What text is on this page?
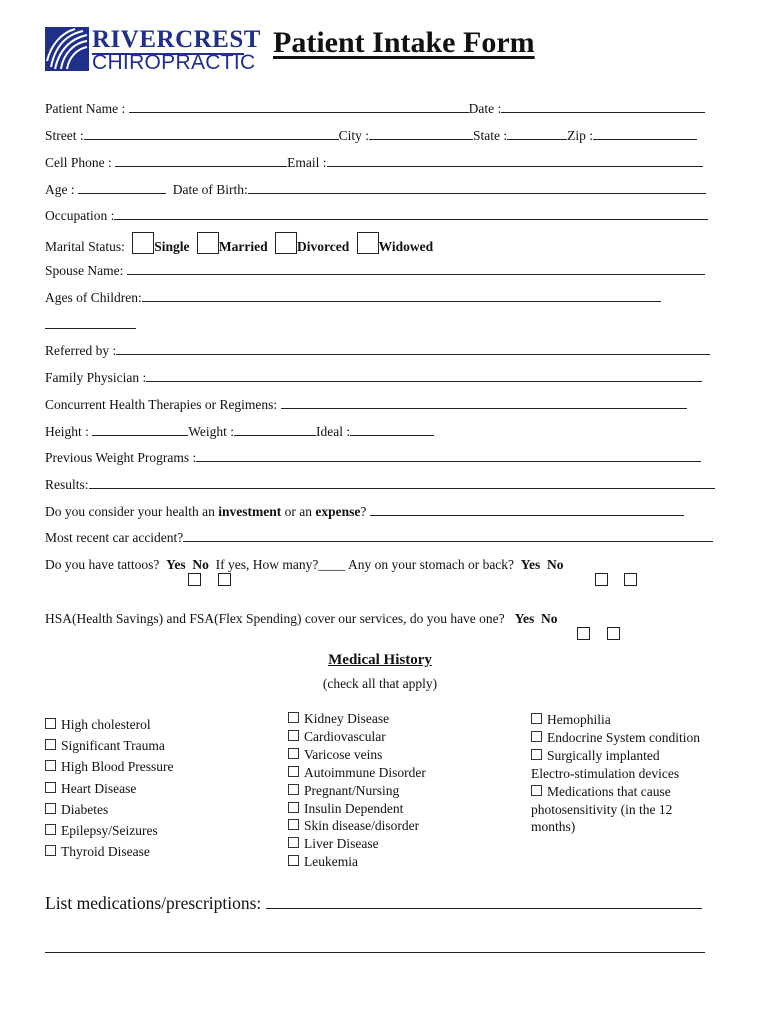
RIVERCREST
CHIROPRACTIC
Patient Intake Form
Patient Name :	Date :
Street :	City :	State :	Zip :
Cell Phone :	Email :
Age :	Date of Birth:
Occupation :
Marital Status: Single Married Divorced Widowed
Spouse Name:
Ages of Children:
Referred by :
Family Physician :
Concurrent Health Therapies or Regimens:
Height :	Weight :	Ideal :
Previous Weight Programs :
Results:
Do you consider your health an investment or an expense?
Most recent car accident?
Do you have tattoos? Yes No If yes, How many?____ Any on your stomach or back? Yes No
HSA(Health Savings) and FSA(Flex Spending) cover our services, do you have one? Yes No
Medical History
(check all that apply)
High cholesterol
Significant Trauma
High Blood Pressure
Heart Disease
Diabetes
Epilepsy/Seizures
Thyroid Disease
Kidney Disease
Cardiovascular
Varicose veins
Autoimmune Disorder
Pregnant/Nursing
Insulin Dependent
Skin disease/disorder
Liver Disease
Leukemia
Hemophilia
Endocrine System condition
Surgically implanted Electro-stimulation devices
Medications that cause photosensitivity (in the 12 months)
List medications/prescriptions:
